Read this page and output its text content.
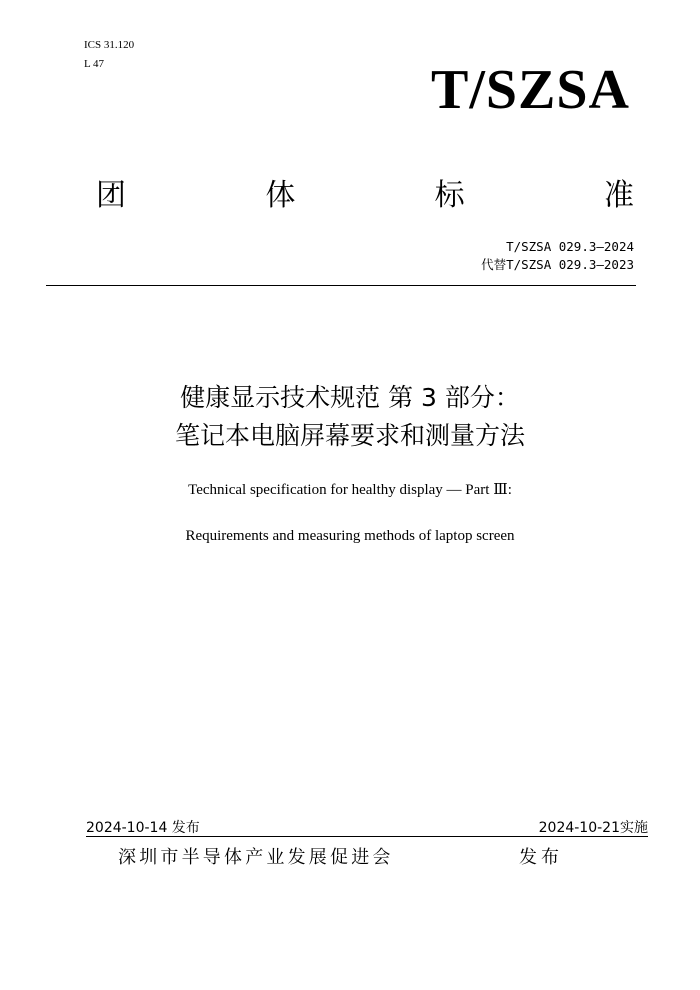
ICS 31.120
L 47	T/SZSA
团	体	标	准
T/SZSA 029.3—2024
代替T/SZSA 029.3—2023
健康显示技术规范 第 3 部分：
笔记本电脑屏幕要求和测量方法
Technical specification for healthy display — Part Ⅲ:
Requirements and measuring methods of laptop screen
2024-10-14 发布	2024-10-21实施
深圳市半导体产业发展促进会	发布
